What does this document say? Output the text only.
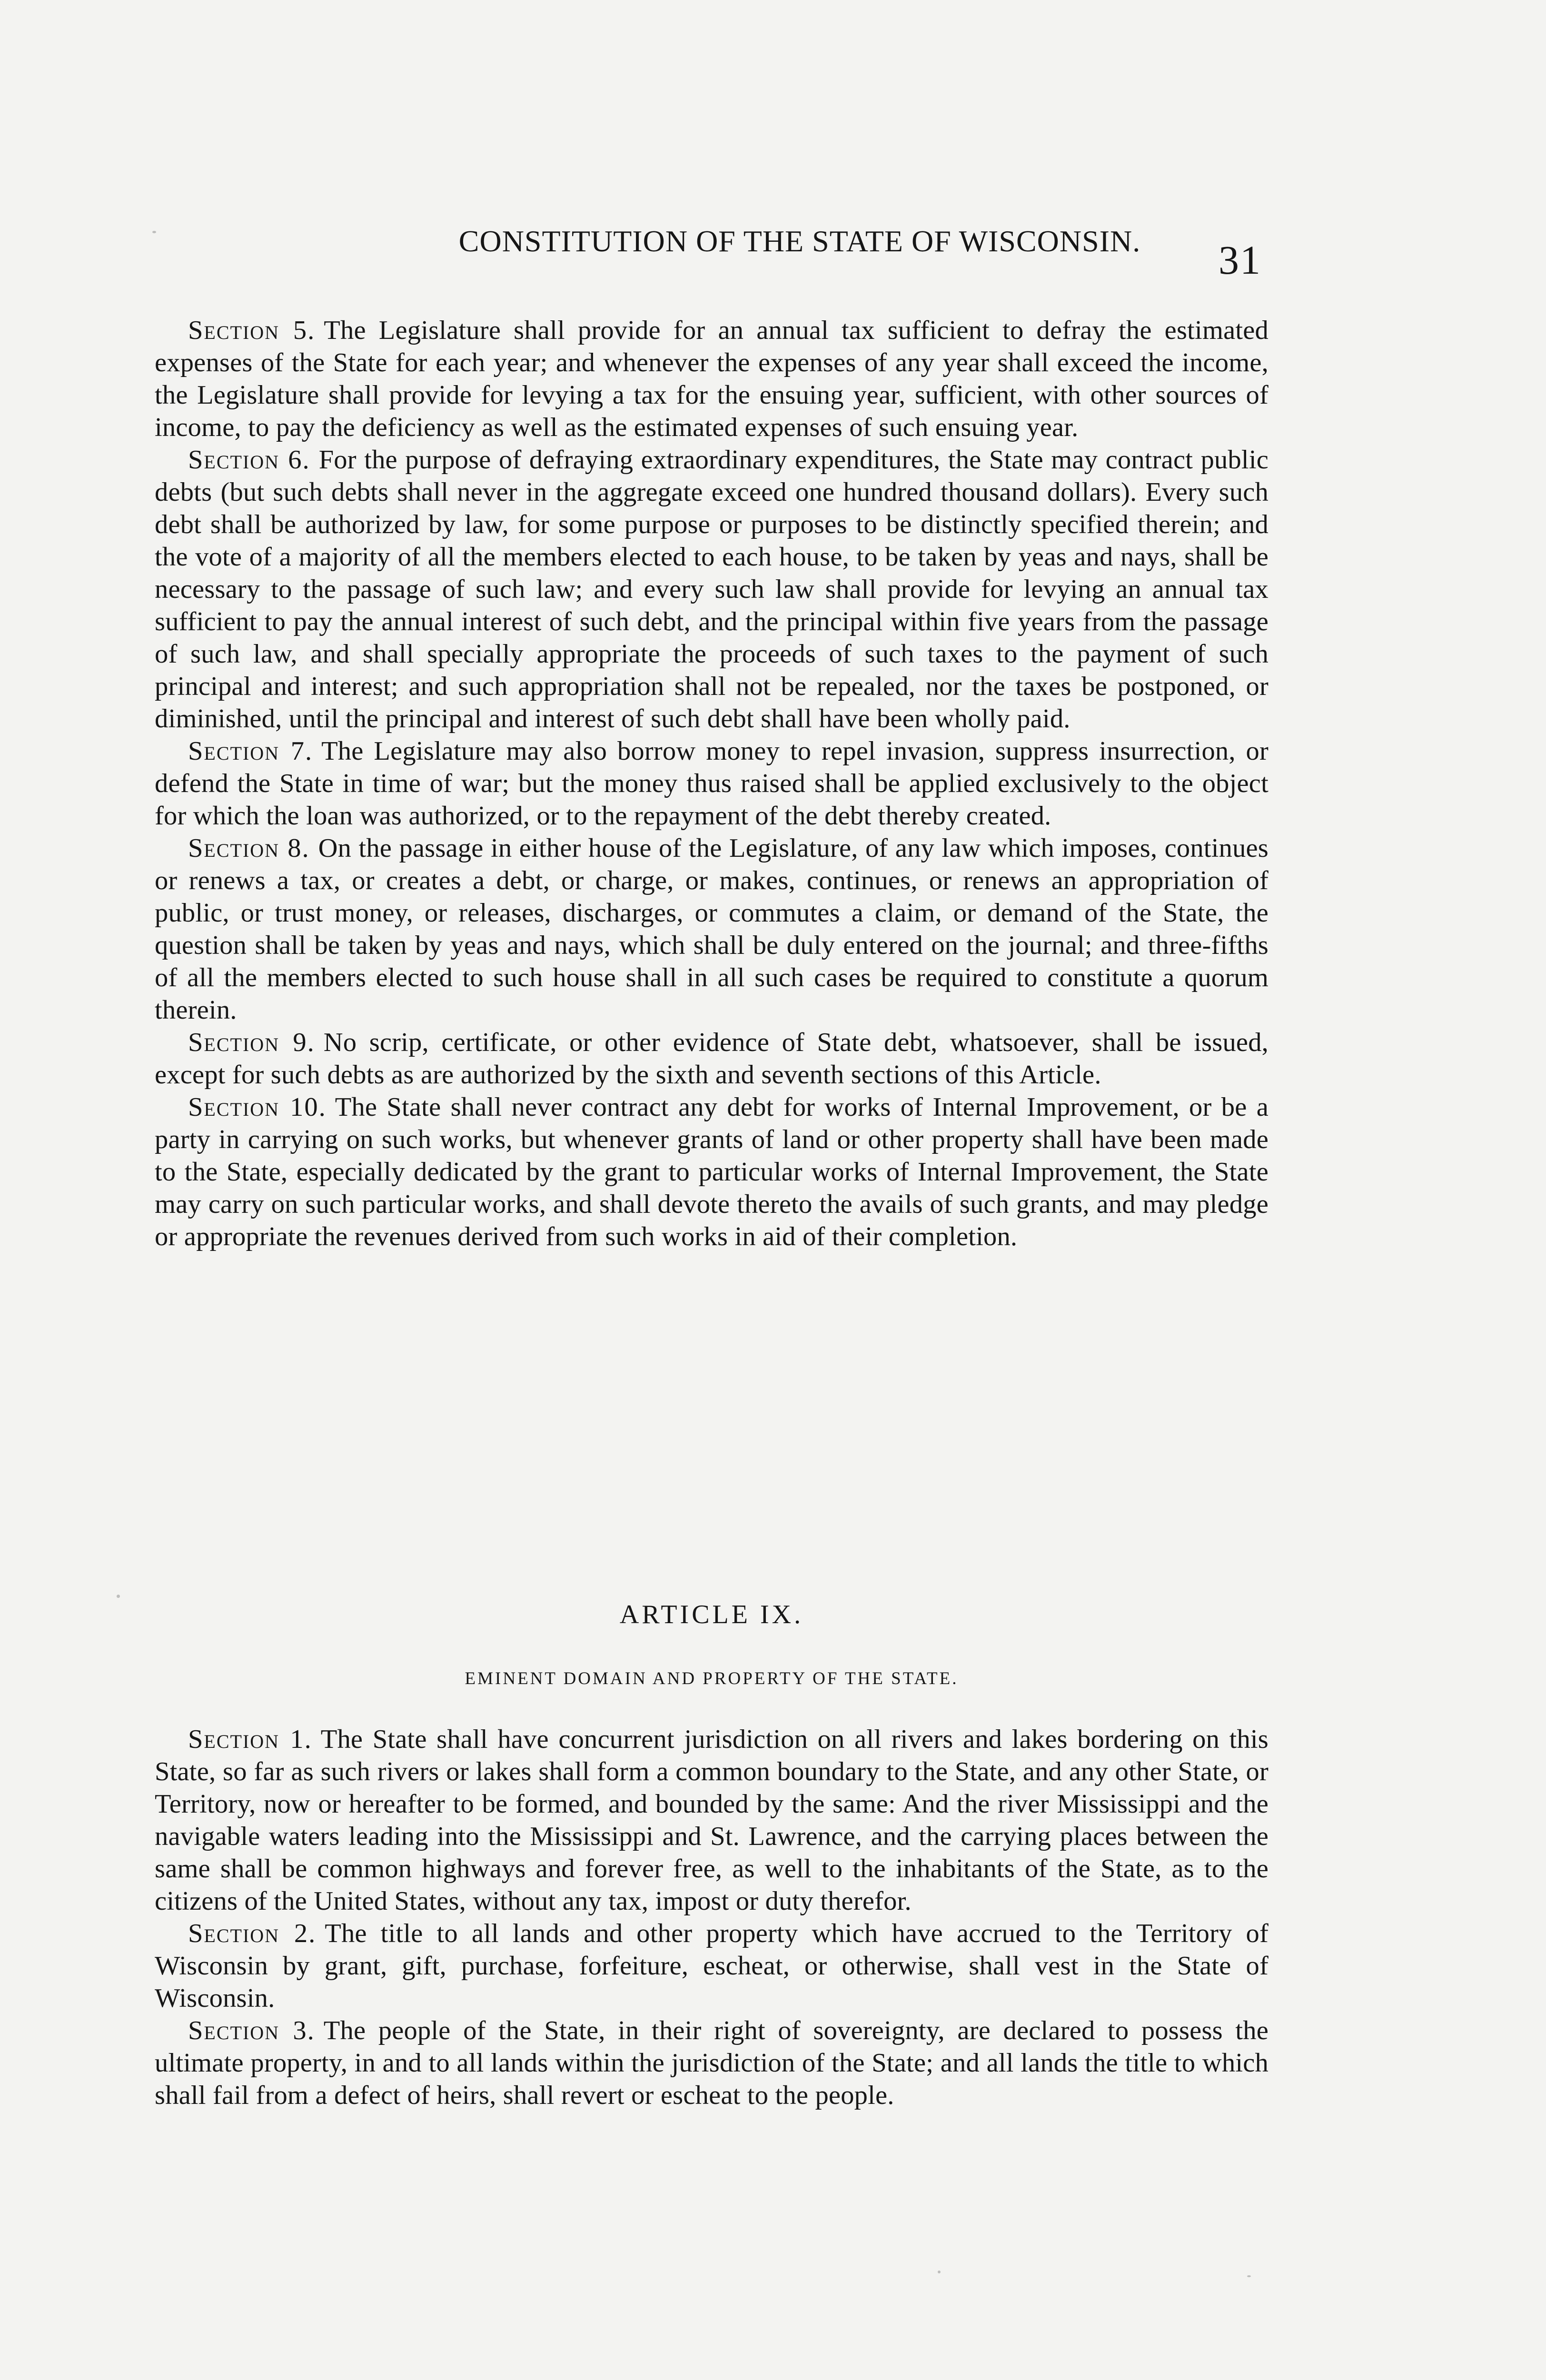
CONSTITUTION OF THE STATE OF WISCONSIN.	31

Section 5. The Legislature shall provide for an annual tax sufficient to defray the estimated expenses of the State for each year; and whenever the expenses of any year shall exceed the income, the Legislature shall provide for levying a tax for the ensuing year, sufficient, with other sources of income, to pay the deficiency as well as the estimated expenses of such ensuing year.

Section 6. For the purpose of defraying extraordinary expenditures, the State may contract public debts (but such debts shall never in the aggregate exceed one hundred thousand dollars). Every such debt shall be authorized by law, for some purpose or purposes to be distinctly specified therein; and the vote of a majority of all the members elected to each house, to be taken by yeas and nays, shall be necessary to the passage of such law; and every such law shall provide for levying an annual tax sufficient to pay the annual interest of such debt, and the principal within five years from the passage of such law, and shall specially appropriate the proceeds of such taxes to the payment of such principal and interest; and such appropriation shall not be repealed, nor the taxes be postponed, or diminished, until the principal and interest of such debt shall have been wholly paid.

Section 7. The Legislature may also borrow money to repel invasion, suppress insurrection, or defend the State in time of war; but the money thus raised shall be applied exclusively to the object for which the loan was authorized, or to the repayment of the debt thereby created.

Section 8. On the passage in either house of the Legislature, of any law which imposes, continues or renews a tax, or creates a debt, or charge, or makes, continues, or renews an appropriation of public, or trust money, or releases, discharges, or commutes a claim, or demand of the State, the question shall be taken by yeas and nays, which shall be duly entered on the journal; and three-fifths of all the members elected to such house shall in all such cases be required to constitute a quorum therein.

Section 9. No scrip, certificate, or other evidence of State debt, whatsoever, shall be issued, except for such debts as are authorized by the sixth and seventh sections of this Article.

Section 10. The State shall never contract any debt for works of Internal Improvement, or be a party in carrying on such works, but whenever grants of land or other property shall have been made to the State, especially dedicated by the grant to particular works of Internal Improvement, the State may carry on such particular works, and shall devote thereto the avails of such grants, and may pledge or appropriate the revenues derived from such works in aid of their completion.

ARTICLE IX.
EMINENT DOMAIN AND PROPERTY OF THE STATE.

Section 1. The State shall have concurrent jurisdiction on all rivers and lakes bordering on this State, so far as such rivers or lakes shall form a common boundary to the State, and any other State, or Territory, now or hereafter to be formed, and bounded by the same: And the river Mississippi and the navigable waters leading into the Mississippi and St. Lawrence, and the carrying places between the same shall be common highways and forever free, as well to the inhabitants of the State, as to the citizens of the United States, without any tax, impost or duty therefor.

Section 2. The title to all lands and other property which have accrued to the Territory of Wisconsin by grant, gift, purchase, forfeiture, escheat, or otherwise, shall vest in the State of Wisconsin.

Section 3. The people of the State, in their right of sovereignty, are declared to possess the ultimate property, in and to all lands within the jurisdiction of the State; and all lands the title to which shall fail from a defect of heirs, shall revert or escheat to the people.
